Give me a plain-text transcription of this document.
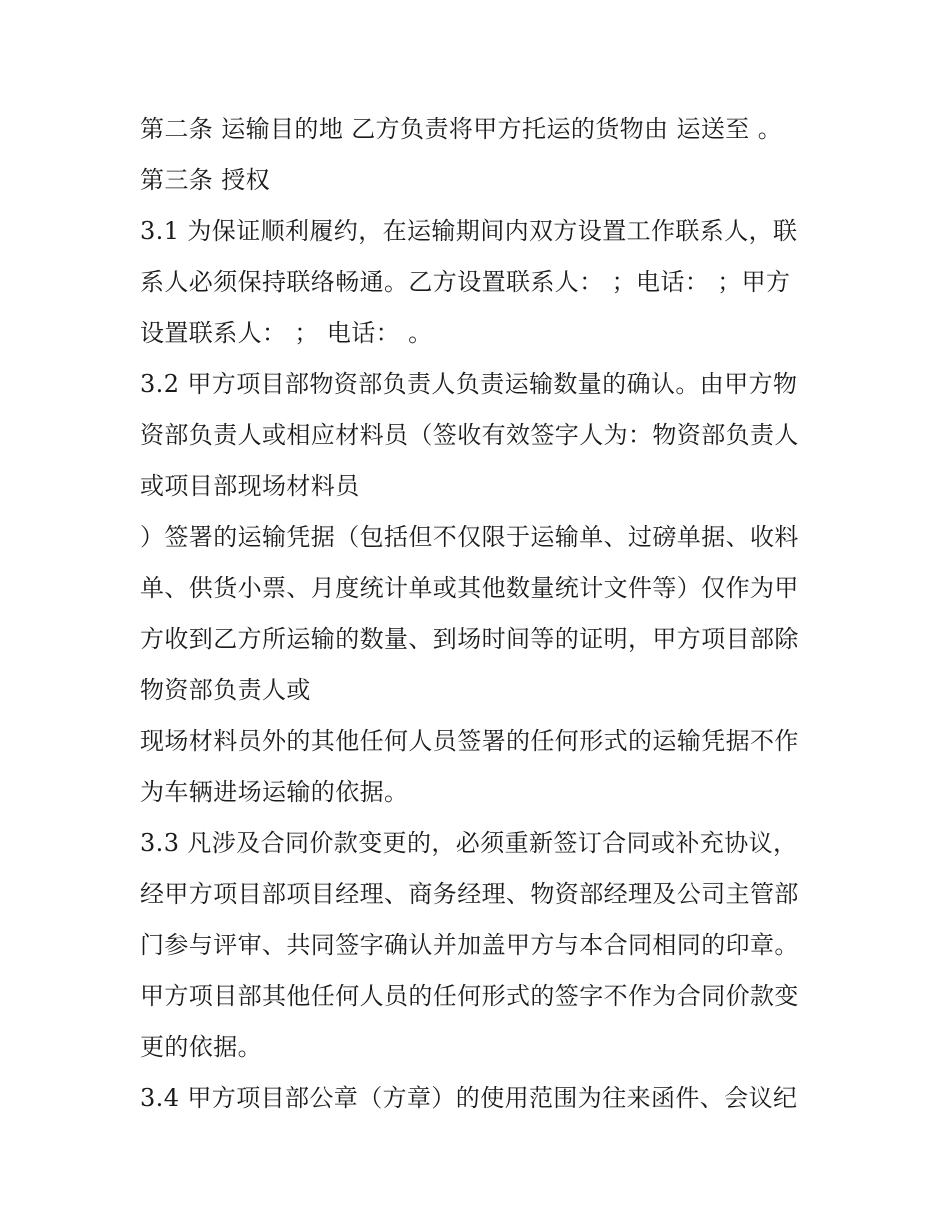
第二条 运输目的地 乙方负责将甲方托运的货物由 运送至 。
第三条 授权
3.1 为保证顺利履约，在运输期间内双方设置工作联系人，联
系人必须保持联络畅通。乙方设置联系人： ；电话： ；甲方
设置联系人： ； 电话： 。
3.2 甲方项目部物资部负责人负责运输数量的确认。由甲方物
资部负责人或相应材料员（签收有效签字人为：物资部负责人
或项目部现场材料员
）签署的运输凭据（包括但不仅限于运输单、过磅单据、收料
单、供货小票、月度统计单或其他数量统计文件等）仅作为甲
方收到乙方所运输的数量、到场时间等的证明，甲方项目部除
物资部负责人或
现场材料员外的其他任何人员签署的任何形式的运输凭据不作
为车辆进场运输的依据。
3.3 凡涉及合同价款变更的，必须重新签订合同或补充协议，
经甲方项目部项目经理、商务经理、物资部经理及公司主管部
门参与评审、共同签字确认并加盖甲方与本合同相同的印章。
甲方项目部其他任何人员的任何形式的签字不作为合同价款变
更的依据。
3.4 甲方项目部公章（方章）的使用范围为往来函件、会议纪
